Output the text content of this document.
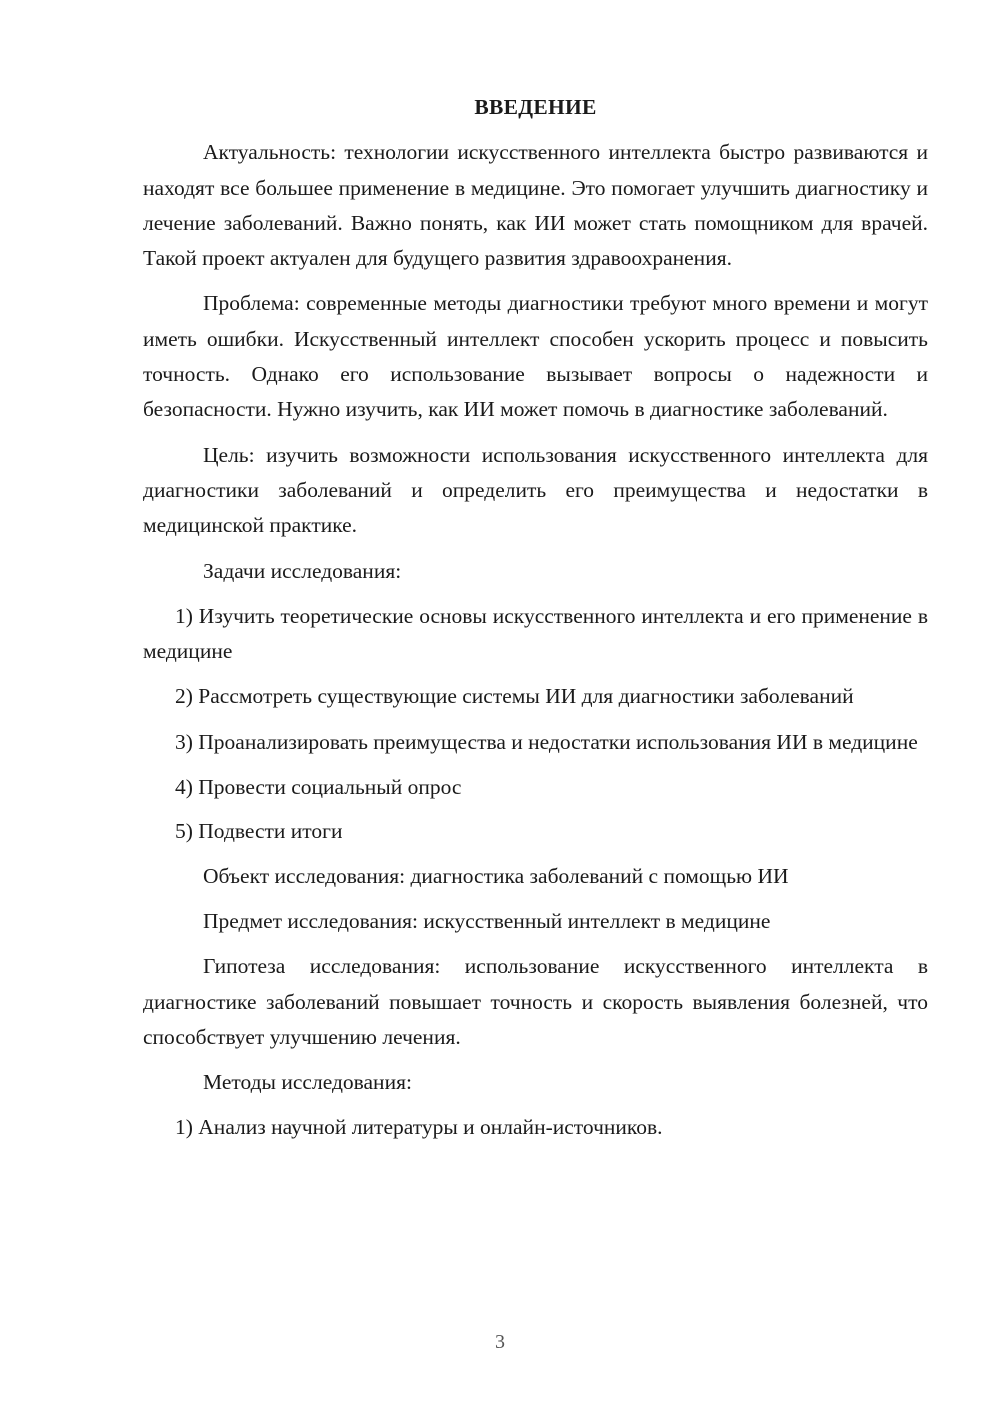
ВВЕДЕНИЕ
Актуальность: технологии искусственного интеллекта быстро развиваются и находят все большее применение в медицине. Это помогает улучшить диагностику и лечение заболеваний. Важно понять, как ИИ может стать помощником для врачей. Такой проект актуален для будущего развития здравоохранения.
Проблема: современные методы диагностики требуют много времени и могут иметь ошибки. Искусственный интеллект способен ускорить процесс и повысить точность. Однако его использование вызывает вопросы о надежности и безопасности. Нужно изучить, как ИИ может помочь в диагностике заболеваний.
Цель: изучить возможности использования искусственного интеллекта для диагностики заболеваний и определить его преимущества и недостатки в медицинской практике.
Задачи исследования:
1) Изучить теоретические основы искусственного интеллекта и его применение в медицине
2) Рассмотреть существующие системы ИИ для диагностики заболеваний
3) Проанализировать преимущества и недостатки использования ИИ в медицине
4) Провести социальный опрос
5) Подвести итоги
Объект исследования: диагностика заболеваний с помощью ИИ
Предмет исследования: искусственный интеллект в медицине
Гипотеза исследования: использование искусственного интеллекта в диагностике заболеваний повышает точность и скорость выявления болезней, что способствует улучшению лечения.
Методы исследования:
1) Анализ научной литературы и онлайн-источников.
3
